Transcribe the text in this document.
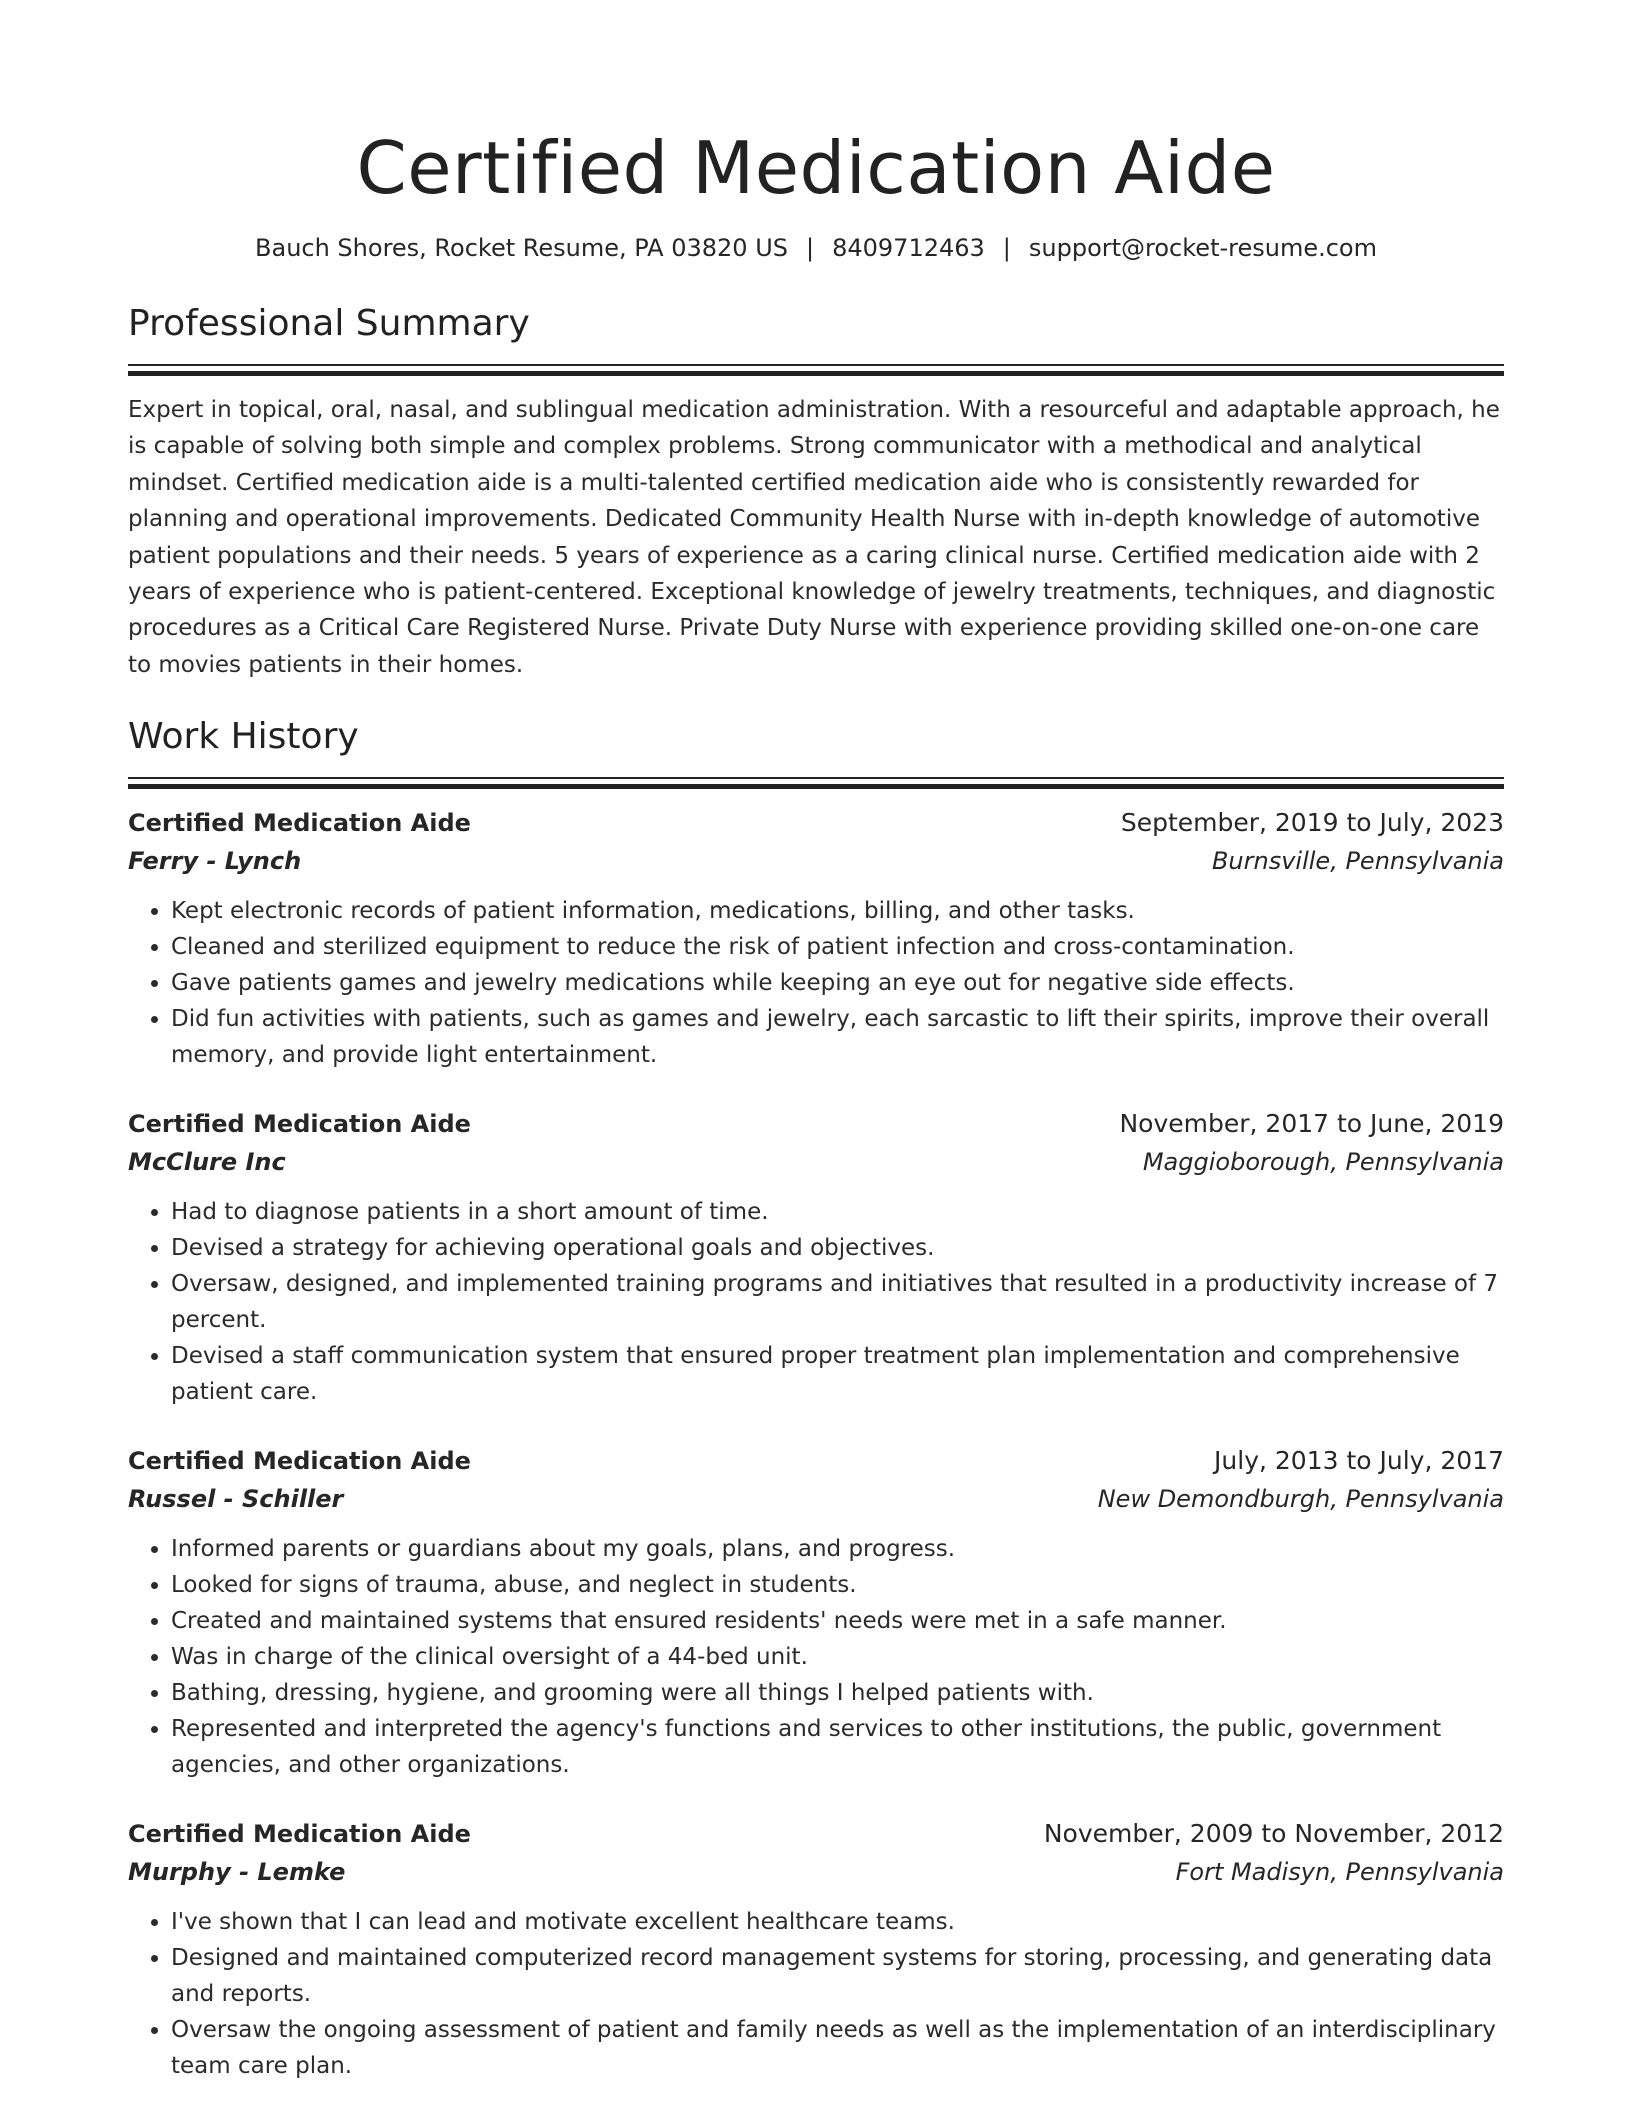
Certified Medication Aide
Bauch Shores, Rocket Resume, PA 03820 US | 8409712463 | support@rocket-resume.com
Professional Summary
Expert in topical, oral, nasal, and sublingual medication administration. With a resourceful and adaptable approach, he is capable of solving both simple and complex problems. Strong communicator with a methodical and analytical mindset. Certified medication aide is a multi-talented certified medication aide who is consistently rewarded for planning and operational improvements. Dedicated Community Health Nurse with in-depth knowledge of automotive patient populations and their needs. 5 years of experience as a caring clinical nurse. Certified medication aide with 2 years of experience who is patient-centered. Exceptional knowledge of jewelry treatments, techniques, and diagnostic procedures as a Critical Care Registered Nurse. Private Duty Nurse with experience providing skilled one-on-one care to movies patients in their homes.
Work History
Certified Medication Aide	September, 2019 to July, 2023
Ferry - Lynch	Burnsville, Pennsylvania
• Kept electronic records of patient information, medications, billing, and other tasks.
• Cleaned and sterilized equipment to reduce the risk of patient infection and cross-contamination.
• Gave patients games and jewelry medications while keeping an eye out for negative side effects.
• Did fun activities with patients, such as games and jewelry, each sarcastic to lift their spirits, improve their overall memory, and provide light entertainment.
Certified Medication Aide	November, 2017 to June, 2019
McClure Inc	Maggioborough, Pennsylvania
• Had to diagnose patients in a short amount of time.
• Devised a strategy for achieving operational goals and objectives.
• Oversaw, designed, and implemented training programs and initiatives that resulted in a productivity increase of 7 percent.
• Devised a staff communication system that ensured proper treatment plan implementation and comprehensive patient care.
Certified Medication Aide	July, 2013 to July, 2017
Russel - Schiller	New Demondburgh, Pennsylvania
• Informed parents or guardians about my goals, plans, and progress.
• Looked for signs of trauma, abuse, and neglect in students.
• Created and maintained systems that ensured residents' needs were met in a safe manner.
• Was in charge of the clinical oversight of a 44-bed unit.
• Bathing, dressing, hygiene, and grooming were all things I helped patients with.
• Represented and interpreted the agency's functions and services to other institutions, the public, government agencies, and other organizations.
Certified Medication Aide	November, 2009 to November, 2012
Murphy - Lemke	Fort Madisyn, Pennsylvania
• I've shown that I can lead and motivate excellent healthcare teams.
• Designed and maintained computerized record management systems for storing, processing, and generating data and reports.
• Oversaw the ongoing assessment of patient and family needs as well as the implementation of an interdisciplinary team care plan.
